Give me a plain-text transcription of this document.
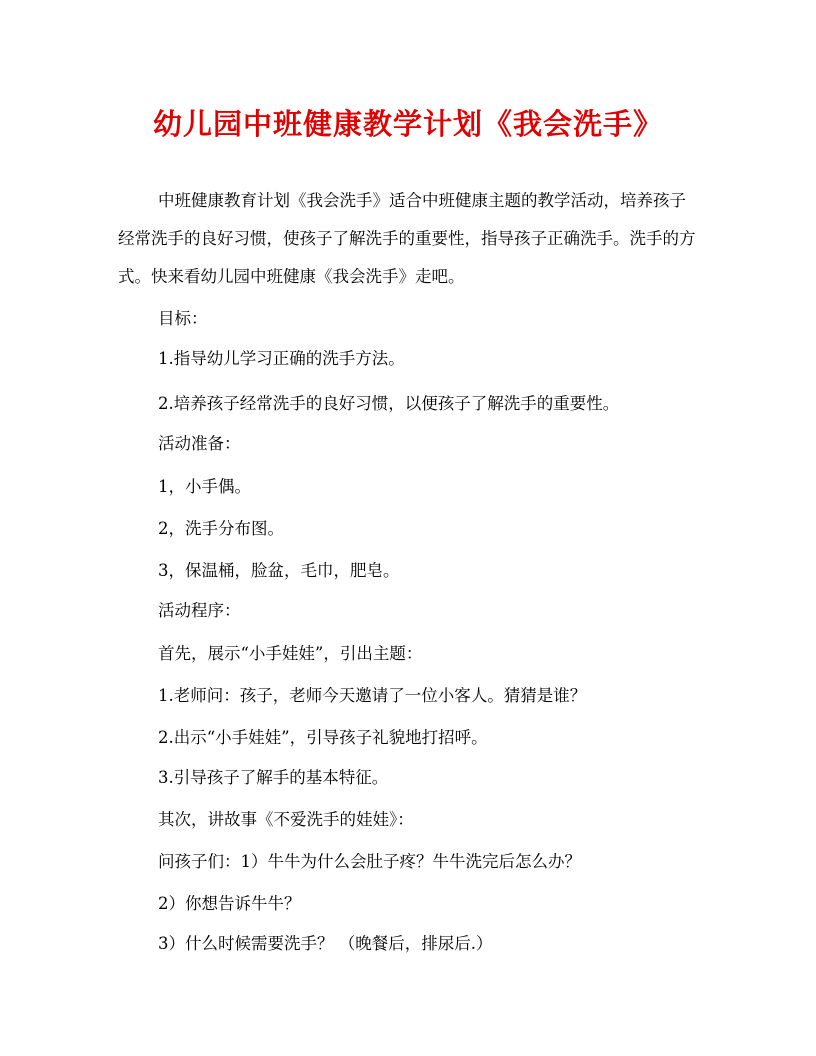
幼儿园中班健康教学计划《我会洗手》

中班健康教育计划《我会洗手》适合中班健康主题的教学活动，培养孩子经常洗手的良好习惯，使孩子了解洗手的重要性，指导孩子正确洗手。洗手的方式。快来看幼儿园中班健康《我会洗手》走吧。

目标：

1.指导幼儿学习正确的洗手方法。

2.培养孩子经常洗手的良好习惯，以便孩子了解洗手的重要性。

活动准备：

1，小手偶。

2，洗手分布图。

3，保温桶，脸盆，毛巾，肥皂。

活动程序：

首先，展示“小手娃娃”，引出主题：

1.老师问：孩子，老师今天邀请了一位小客人。猜猜是谁？

2.出示“小手娃娃”，引导孩子礼貌地打招呼。

3.引导孩子了解手的基本特征。

其次，讲故事《不爱洗手的娃娃》：

问孩子们：1）牛牛为什么会肚子疼？牛牛洗完后怎么办？

2）你想告诉牛牛？

3）什么时候需要洗手？ （晚餐后，排尿后.）
